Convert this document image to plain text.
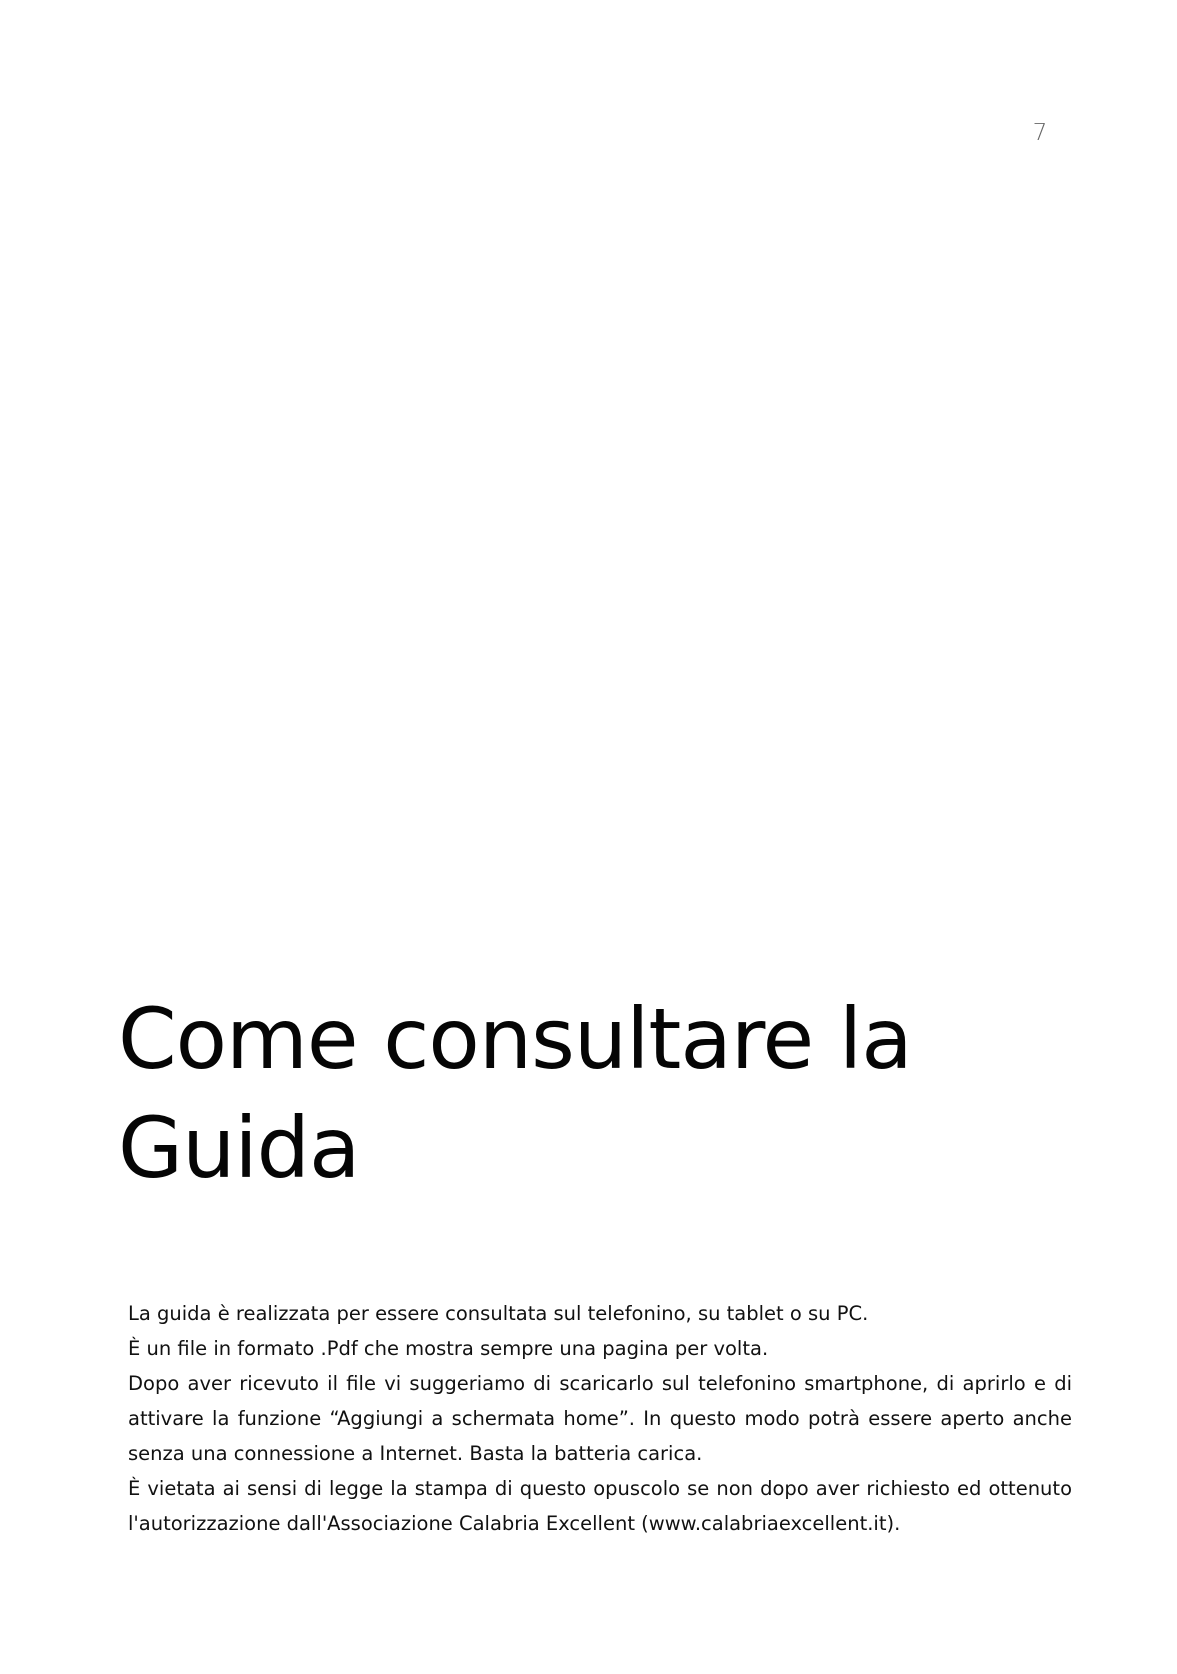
7
Come consultare la
Guida

La guida è realizzata per essere consultata sul telefonino, su tablet o su PC.

È un file in formato .Pdf che mostra sempre una pagina per volta.

Dopo aver ricevuto il file vi suggeriamo di scaricarlo sul telefonino smartphone, di aprirlo e di attivare la funzione “Aggiungi a schermata home”. In questo modo potrà essere aperto anche senza una connessione a Internet. Basta la batteria carica.

È vietata ai sensi di legge la stampa di questo opuscolo se non dopo aver richiesto ed ottenuto l'autorizzazione dall'Associazione Calabria Excellent (www.calabriaexcellent.it).
